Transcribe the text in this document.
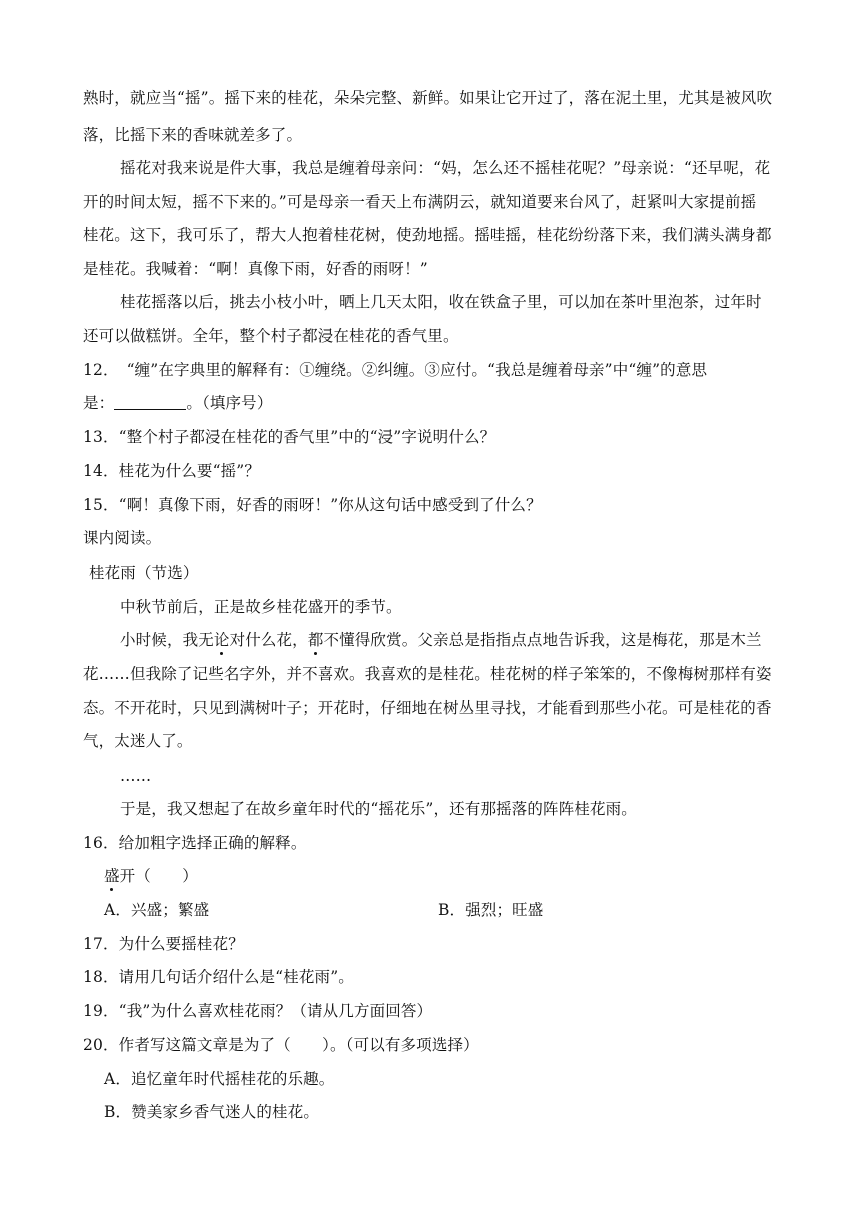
熟时，就应当“摇”。摇下来的桂花，朵朵完整、新鲜。如果让它开过了，落在泥土里，尤其是被风吹
落，比摇下来的香味就差多了。
摇花对我来说是件大事，我总是缠着母亲问：“妈，怎么还不摇桂花呢？”母亲说：“还早呢，花
开的时间太短，摇不下来的。”可是母亲一看天上布满阴云，就知道要来台风了，赶紧叫大家提前摇
桂花。这下，我可乐了，帮大人抱着桂花树，使劲地摇。摇哇摇，桂花纷纷落下来，我们满头满身都
是桂花。我喊着：“啊！真像下雨，好香的雨呀！”
桂花摇落以后，挑去小枝小叶，晒上几天太阳，收在铁盒子里，可以加在茶叶里泡茶，过年时
还可以做糕饼。全年，整个村子都浸在桂花的香气里。
12．　“缠”在字典里的解释有：①缠绕。②纠缠。③应付。“我总是缠着母亲”中“缠”的意思
是：	。（填序号）
13．“整个村子都浸在桂花的香气里”中的“浸”字说明什么？
14．桂花为什么要“摇”？
15．“啊！真像下雨，好香的雨呀！”你从这句话中感受到了什么？
课内阅读。
桂花雨（节选）
中秋节前后，正是故乡桂花盛开的季节。
小时候，我无论对什么花，都不懂得欣赏。父亲总是指指点点地告诉我，这是梅花，那是木兰
花……但我除了记些名字外，并不喜欢。我喜欢的是桂花。桂花树的样子笨笨的，不像梅树那样有姿
态。不开花时，只见到满树叶子；开花时，仔细地在树丛里寻找，才能看到那些小花。可是桂花的香
气，太迷人了。
……
于是，我又想起了在故乡童年时代的“摇花乐”，还有那摇落的阵阵桂花雨。
16．给加粗字选择正确的解释。
盛开（　　）
A．兴盛；繁盛	B．强烈；旺盛
17．为什么要摇桂花？
18．请用几句话介绍什么是“桂花雨”。
19．“我”为什么喜欢桂花雨？（请从几方面回答）
20．作者写这篇文章是为了（　　）。（可以有多项选择）
A．追忆童年时代摇桂花的乐趣。
B．赞美家乡香气迷人的桂花。
